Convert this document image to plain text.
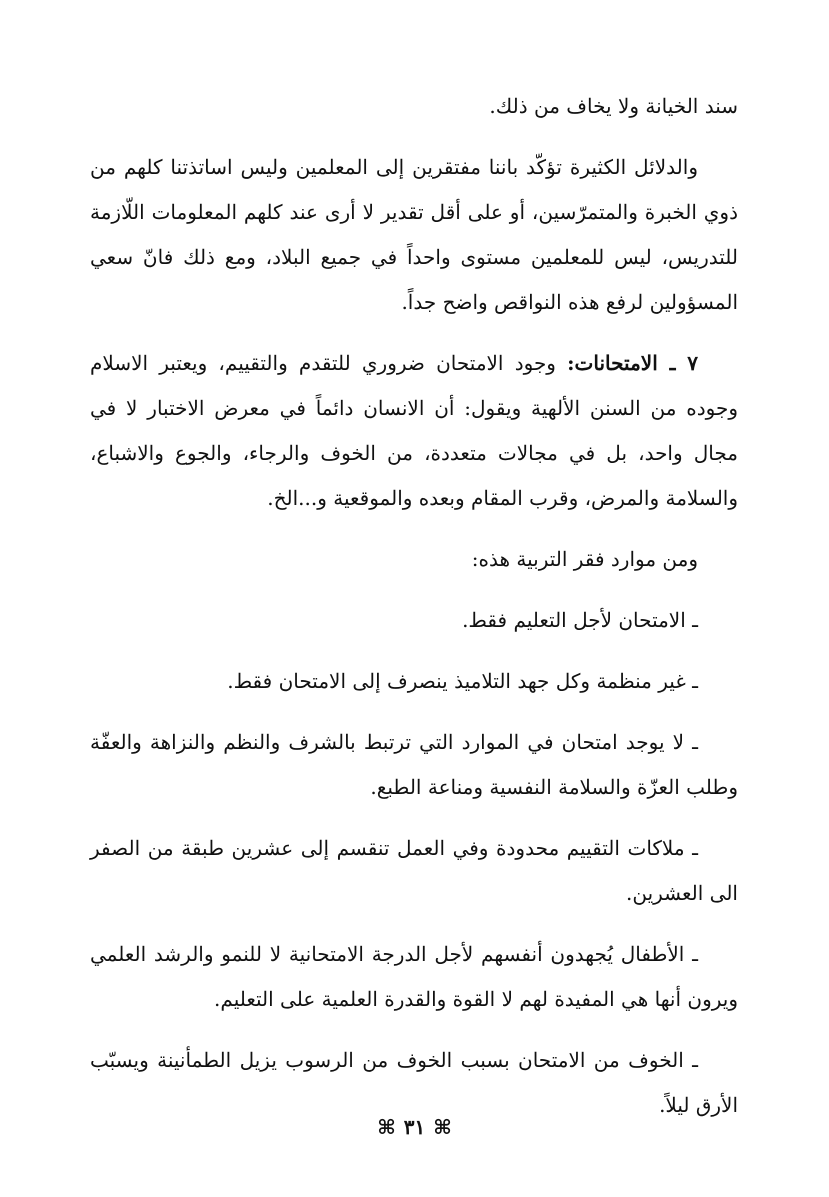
سند الخيانة ولا يخاف من ذلك.

والدلائل الكثيرة تؤكّد باننا مفتقرين إلى المعلمين وليس اساتذتنا كلهم من ذوي الخبرة والمتمرّسين، أو على أقل تقدير لا أرى عند كلهم المعلومات اللّازمة للتدريس، ليس للمعلمين مستوى واحداً في جميع البلاد، ومع ذلك فانّ سعي المسؤولين لرفع هذه النواقص واضح جداً.

٧ ـ الامتحانات: وجود الامتحان ضروري للتقدم والتقييم، ويعتبر الاسلام وجوده من السنن الألهية ويقول: أن الانسان دائماً في معرض الاختبار لا في مجال واحد، بل في مجالات متعددة، من الخوف والرجاء، والجوع والاشباع، والسلامة والمرض، وقرب المقام وبعده والموقعية و...الخ.

ومن موارد فقر التربية هذه:

ـ الامتحان لأجل التعليم فقط.

ـ غير منظمة وكل جهد التلاميذ ينصرف إلى الامتحان فقط.

ـ لا يوجد امتحان في الموارد التي ترتبط بالشرف والنظم والنزاهة والعفّة وطلب العزّة والسلامة النفسية ومناعة الطبع.

ـ ملاكات التقييم محدودة وفي العمل تنقسم إلى عشرين طبقة من الصفر الى العشرين.

ـ الأطفال يُجهدون أنفسهم لأجل الدرجة الامتحانية لا للنمو والرشد العلمي ويرون أنها هي المفيدة لهم لا القوة والقدرة العلمية على التعليم.

ـ الخوف من الامتحان بسبب الخوف من الرسوب يزيل الطمأنينة ويسبّب الأرق ليلاً.

⌘٣١⌘
